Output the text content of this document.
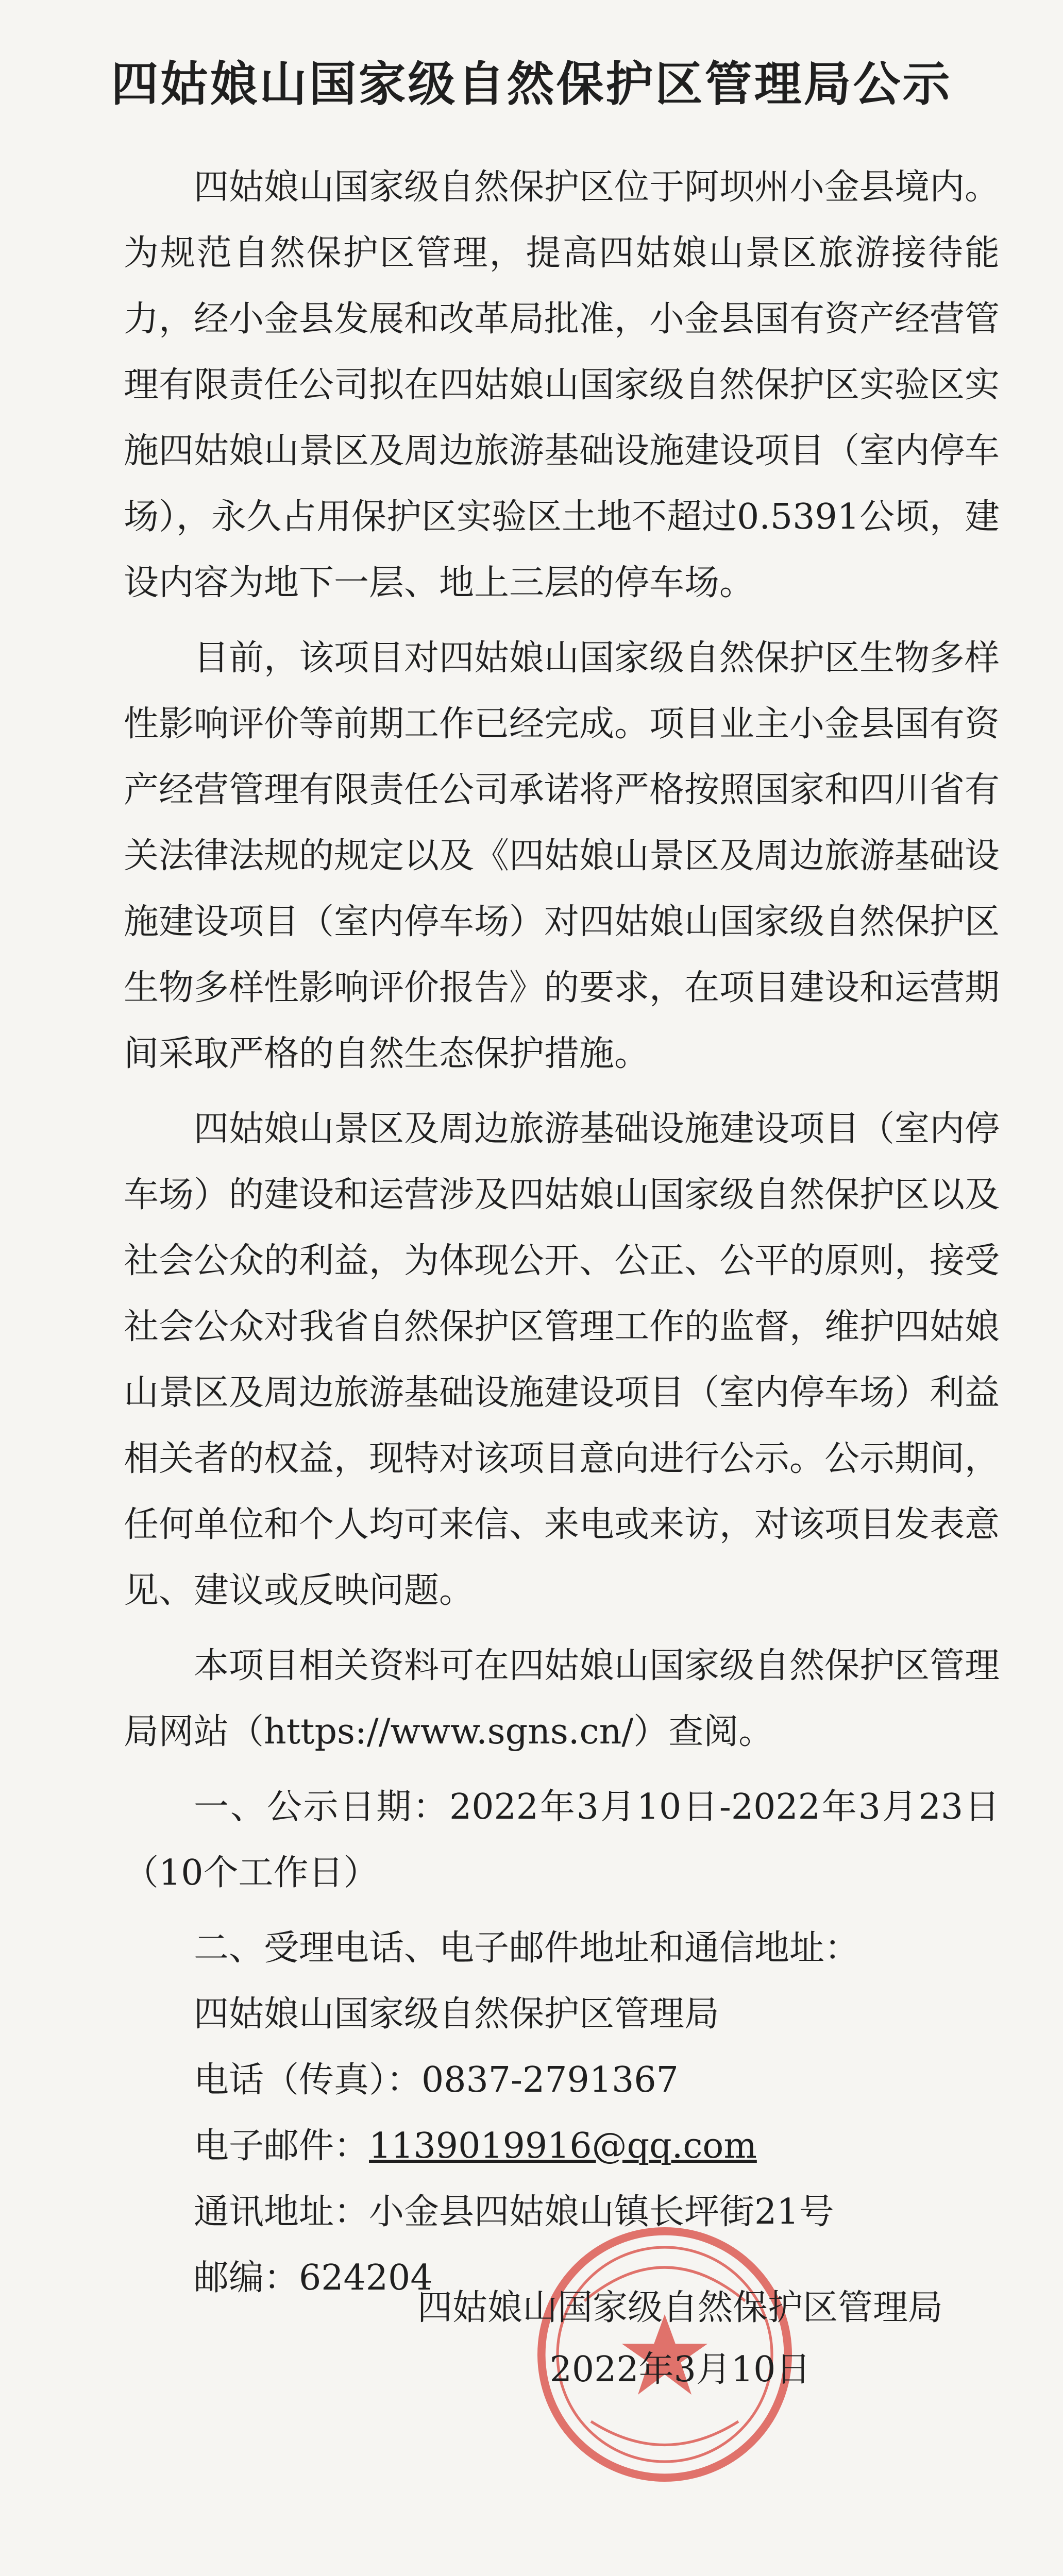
四姑娘山国家级自然保护区管理局公示

四姑娘山国家级自然保护区位于阿坝州小金县境内。为规范自然保护区管理，提高四姑娘山景区旅游接待能力，经小金县发展和改革局批准，小金县国有资产经营管理有限责任公司拟在四姑娘山国家级自然保护区实验区实施四姑娘山景区及周边旅游基础设施建设项目（室内停车场），永久占用保护区实验区土地不超过0.5391公顷，建设内容为地下一层、地上三层的停车场。

目前，该项目对四姑娘山国家级自然保护区生物多样性影响评价等前期工作已经完成。项目业主小金县国有资产经营管理有限责任公司承诺将严格按照国家和四川省有关法律法规的规定以及《四姑娘山景区及周边旅游基础设施建设项目（室内停车场）对四姑娘山国家级自然保护区生物多样性影响评价报告》的要求，在项目建设和运营期间采取严格的自然生态保护措施。

四姑娘山景区及周边旅游基础设施建设项目（室内停车场）的建设和运营涉及四姑娘山国家级自然保护区以及社会公众的利益，为体现公开、公正、公平的原则，接受社会公众对我省自然保护区管理工作的监督，维护四姑娘山景区及周边旅游基础设施建设项目（室内停车场）利益相关者的权益，现特对该项目意向进行公示。公示期间，任何单位和个人均可来信、来电或来访，对该项目发表意见、建议或反映问题。

本项目相关资料可在四姑娘山国家级自然保护区管理局网站（https://www.sgns.cn/）查阅。

一、公示日期：2022年3月10日-2022年3月23日（10个工作日）

二、受理电话、电子邮件地址和通信地址：
四姑娘山国家级自然保护区管理局
电话（传真）：0837-2791367
电子邮件：1139019916@qq.com
通讯地址：小金县四姑娘山镇长坪街21号
邮编：624204
四姑娘山国家级自然保护区管理局
2022年3月10日
